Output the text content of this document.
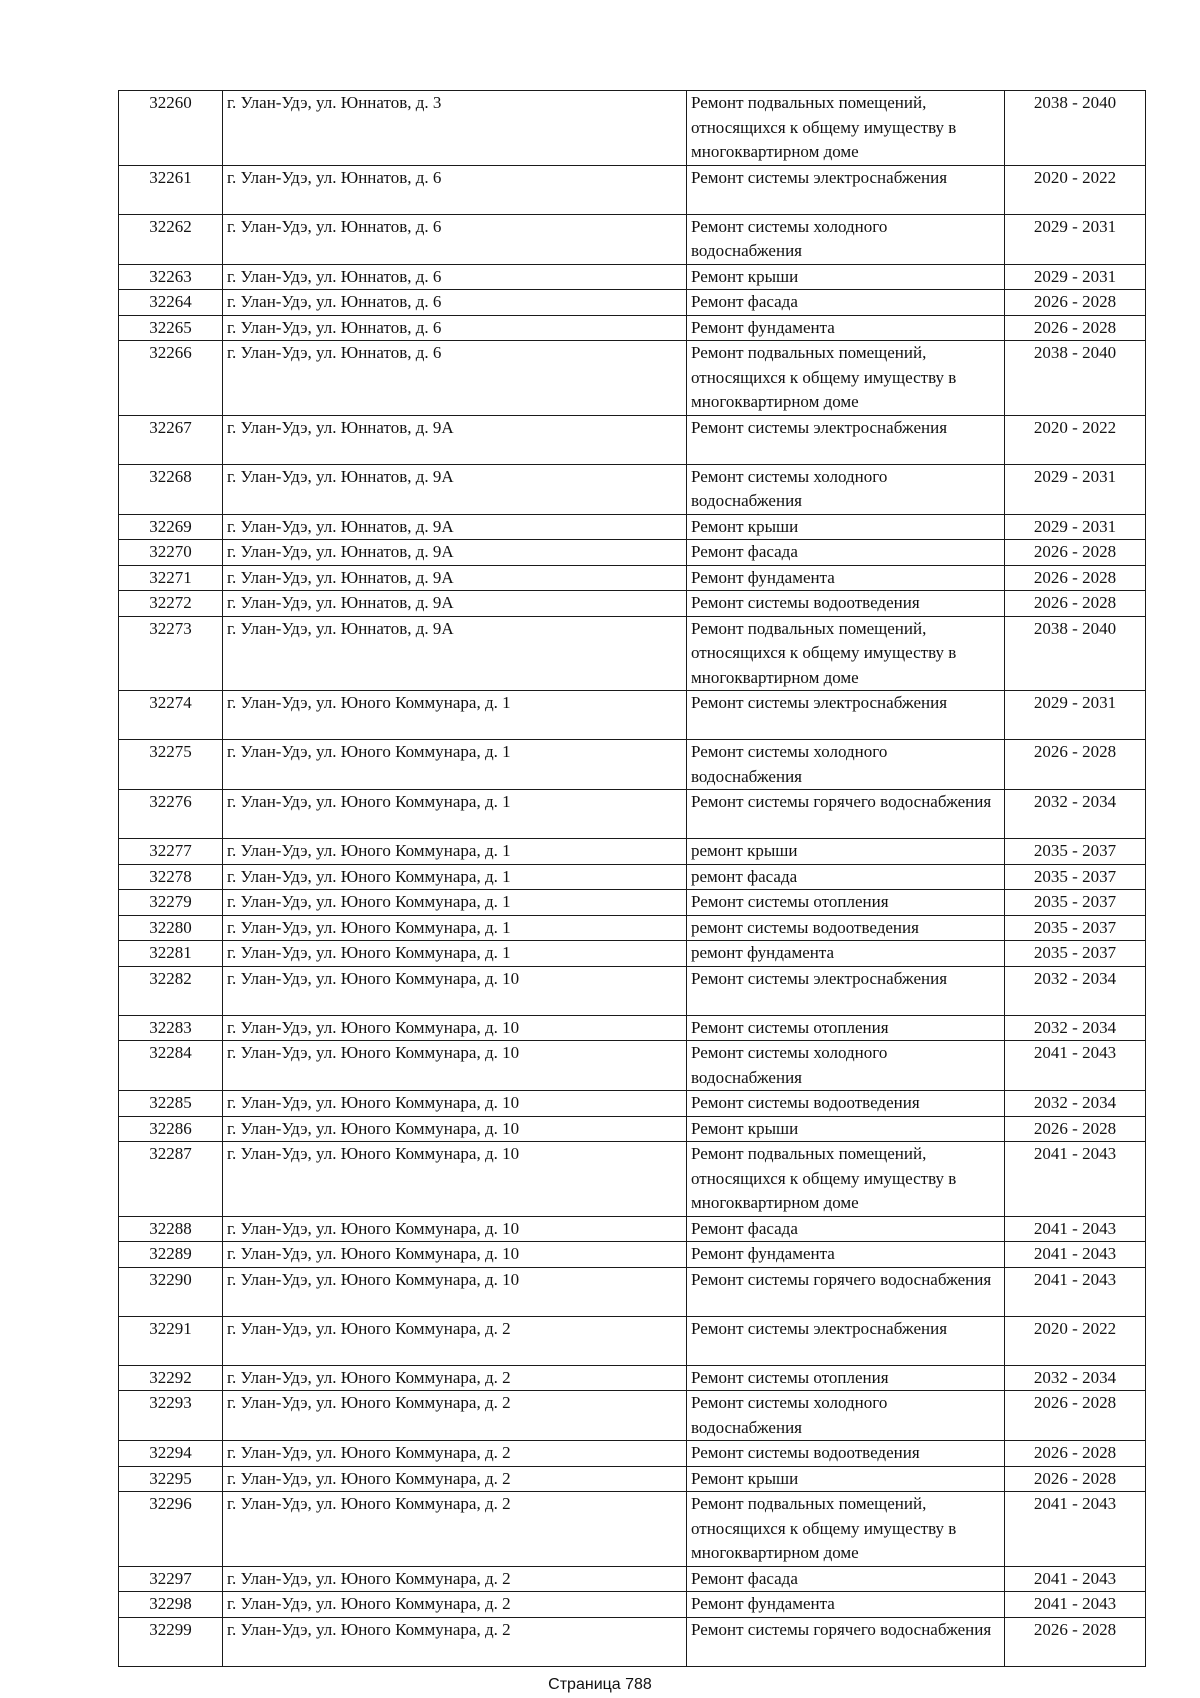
32260	г. Улан-Удэ, ул. Юннатов, д. 3	Ремонт подвальных помещений, относящихся к общему имуществу в многоквартирном доме	2038 - 2040
32261	г. Улан-Удэ, ул. Юннатов, д. 6	Ремонт системы электроснабжения	2020 - 2022
32262	г. Улан-Удэ, ул. Юннатов, д. 6	Ремонт системы холодного водоснабжения	2029 - 2031
32263	г. Улан-Удэ, ул. Юннатов, д. 6	Ремонт крыши	2029 - 2031
32264	г. Улан-Удэ, ул. Юннатов, д. 6	Ремонт фасада	2026 - 2028
32265	г. Улан-Удэ, ул. Юннатов, д. 6	Ремонт фундамента	2026 - 2028
32266	г. Улан-Удэ, ул. Юннатов, д. 6	Ремонт подвальных помещений, относящихся к общему имуществу в многоквартирном доме	2038 - 2040
32267	г. Улан-Удэ, ул. Юннатов, д. 9А	Ремонт системы электроснабжения	2020 - 2022
32268	г. Улан-Удэ, ул. Юннатов, д. 9А	Ремонт системы холодного водоснабжения	2029 - 2031
32269	г. Улан-Удэ, ул. Юннатов, д. 9А	Ремонт крыши	2029 - 2031
32270	г. Улан-Удэ, ул. Юннатов, д. 9А	Ремонт фасада	2026 - 2028
32271	г. Улан-Удэ, ул. Юннатов, д. 9А	Ремонт фундамента	2026 - 2028
32272	г. Улан-Удэ, ул. Юннатов, д. 9А	Ремонт системы водоотведения	2026 - 2028
32273	г. Улан-Удэ, ул. Юннатов, д. 9А	Ремонт подвальных помещений, относящихся к общему имуществу в многоквартирном доме	2038 - 2040
32274	г. Улан-Удэ, ул. Юного Коммунара, д. 1	Ремонт системы электроснабжения	2029 - 2031
32275	г. Улан-Удэ, ул. Юного Коммунара, д. 1	Ремонт системы холодного водоснабжения	2026 - 2028
32276	г. Улан-Удэ, ул. Юного Коммунара, д. 1	Ремонт системы горячего водоснабжения	2032 - 2034
32277	г. Улан-Удэ, ул. Юного Коммунара, д. 1	ремонт крыши	2035 - 2037
32278	г. Улан-Удэ, ул. Юного Коммунара, д. 1	ремонт фасада	2035 - 2037
32279	г. Улан-Удэ, ул. Юного Коммунара, д. 1	Ремонт системы отопления	2035 - 2037
32280	г. Улан-Удэ, ул. Юного Коммунара, д. 1	ремонт системы водоотведения	2035 - 2037
32281	г. Улан-Удэ, ул. Юного Коммунара, д. 1	ремонт фундамента	2035 - 2037
32282	г. Улан-Удэ, ул. Юного Коммунара, д. 10	Ремонт системы электроснабжения	2032 - 2034
32283	г. Улан-Удэ, ул. Юного Коммунара, д. 10	Ремонт системы отопления	2032 - 2034
32284	г. Улан-Удэ, ул. Юного Коммунара, д. 10	Ремонт системы холодного водоснабжения	2041 - 2043
32285	г. Улан-Удэ, ул. Юного Коммунара, д. 10	Ремонт системы водоотведения	2032 - 2034
32286	г. Улан-Удэ, ул. Юного Коммунара, д. 10	Ремонт крыши	2026 - 2028
32287	г. Улан-Удэ, ул. Юного Коммунара, д. 10	Ремонт подвальных помещений, относящихся к общему имуществу в многоквартирном доме	2041 - 2043
32288	г. Улан-Удэ, ул. Юного Коммунара, д. 10	Ремонт фасада	2041 - 2043
32289	г. Улан-Удэ, ул. Юного Коммунара, д. 10	Ремонт фундамента	2041 - 2043
32290	г. Улан-Удэ, ул. Юного Коммунара, д. 10	Ремонт системы горячего водоснабжения	2041 - 2043
32291	г. Улан-Удэ, ул. Юного Коммунара, д. 2	Ремонт системы электроснабжения	2020 - 2022
32292	г. Улан-Удэ, ул. Юного Коммунара, д. 2	Ремонт системы отопления	2032 - 2034
32293	г. Улан-Удэ, ул. Юного Коммунара, д. 2	Ремонт системы холодного водоснабжения	2026 - 2028
32294	г. Улан-Удэ, ул. Юного Коммунара, д. 2	Ремонт системы водоотведения	2026 - 2028
32295	г. Улан-Удэ, ул. Юного Коммунара, д. 2	Ремонт крыши	2026 - 2028
32296	г. Улан-Удэ, ул. Юного Коммунара, д. 2	Ремонт подвальных помещений, относящихся к общему имуществу в многоквартирном доме	2041 - 2043
32297	г. Улан-Удэ, ул. Юного Коммунара, д. 2	Ремонт фасада	2041 - 2043
32298	г. Улан-Удэ, ул. Юного Коммунара, д. 2	Ремонт фундамента	2041 - 2043
32299	г. Улан-Удэ, ул. Юного Коммунара, д. 2	Ремонт системы горячего водоснабжения	2026 - 2028
Страница 788
